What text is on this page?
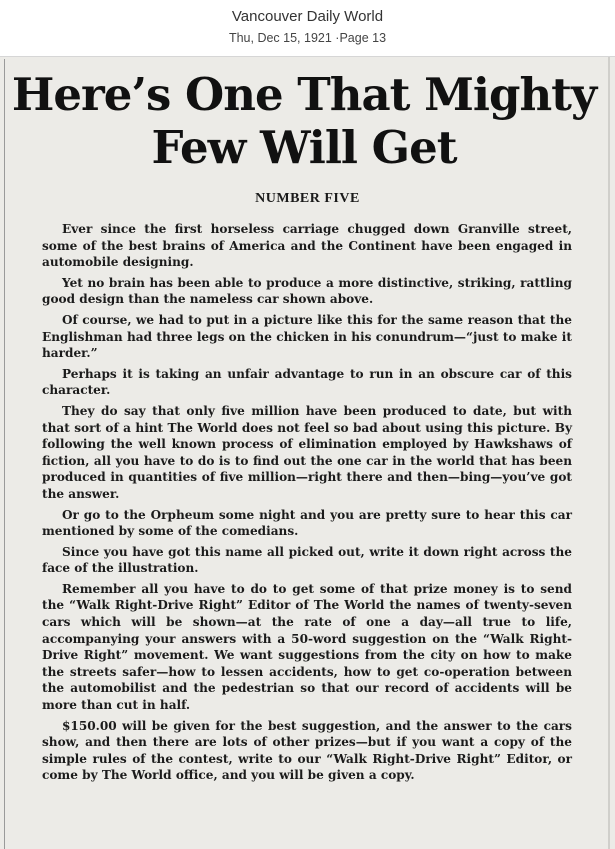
Vancouver Daily World
Thu, Dec 15, 1921 ·Page 13
Here’s One That Mighty
Few Will Get
NUMBER FIVE

Ever since the first horseless carriage chugged down Granville street, some of the best brains of America and the Continent have been engaged in automobile designing.

Yet no brain has been able to produce a more distinctive, striking, rattling good design than the nameless car shown above.

Of course, we had to put in a picture like this for the same reason that the Englishman had three legs on the chicken in his conundrum—“just to make it harder.”

Perhaps it is taking an unfair advantage to run in an obscure car of this character.

They do say that only five million have been produced to date, but with that sort of a hint The World does not feel so bad about using this picture. By following the well known process of elimination employed by Hawkshaws of fiction, all you have to do is to find out the one car in the world that has been produced in quantities of five million—right there and then—bing—you’ve got the answer.

Or go to the Orpheum some night and you are pretty sure to hear this car mentioned by some of the comedians.

Since you have got this name all picked out, write it down right across the face of the illustration.

Remember all you have to do to get some of that prize money is to send the “Walk Right-Drive Right” Editor of The World the names of twenty-seven cars which will be shown—at the rate of one a day—all true to life, accompanying your answers with a 50-word suggestion on the “Walk Right-Drive Right” movement. We want suggestions from the city on how to make the streets safer—how to lessen accidents, how to get co-operation between the automobilist and the pedestrian so that our record of accidents will be more than cut in half.

$150.00 will be given for the best suggestion, and the answer to the cars show, and then there are lots of other prizes—but if you want a copy of the simple rules of the contest, write to our “Walk Right-Drive Right” Editor, or come by The World office, and you will be given a copy.
